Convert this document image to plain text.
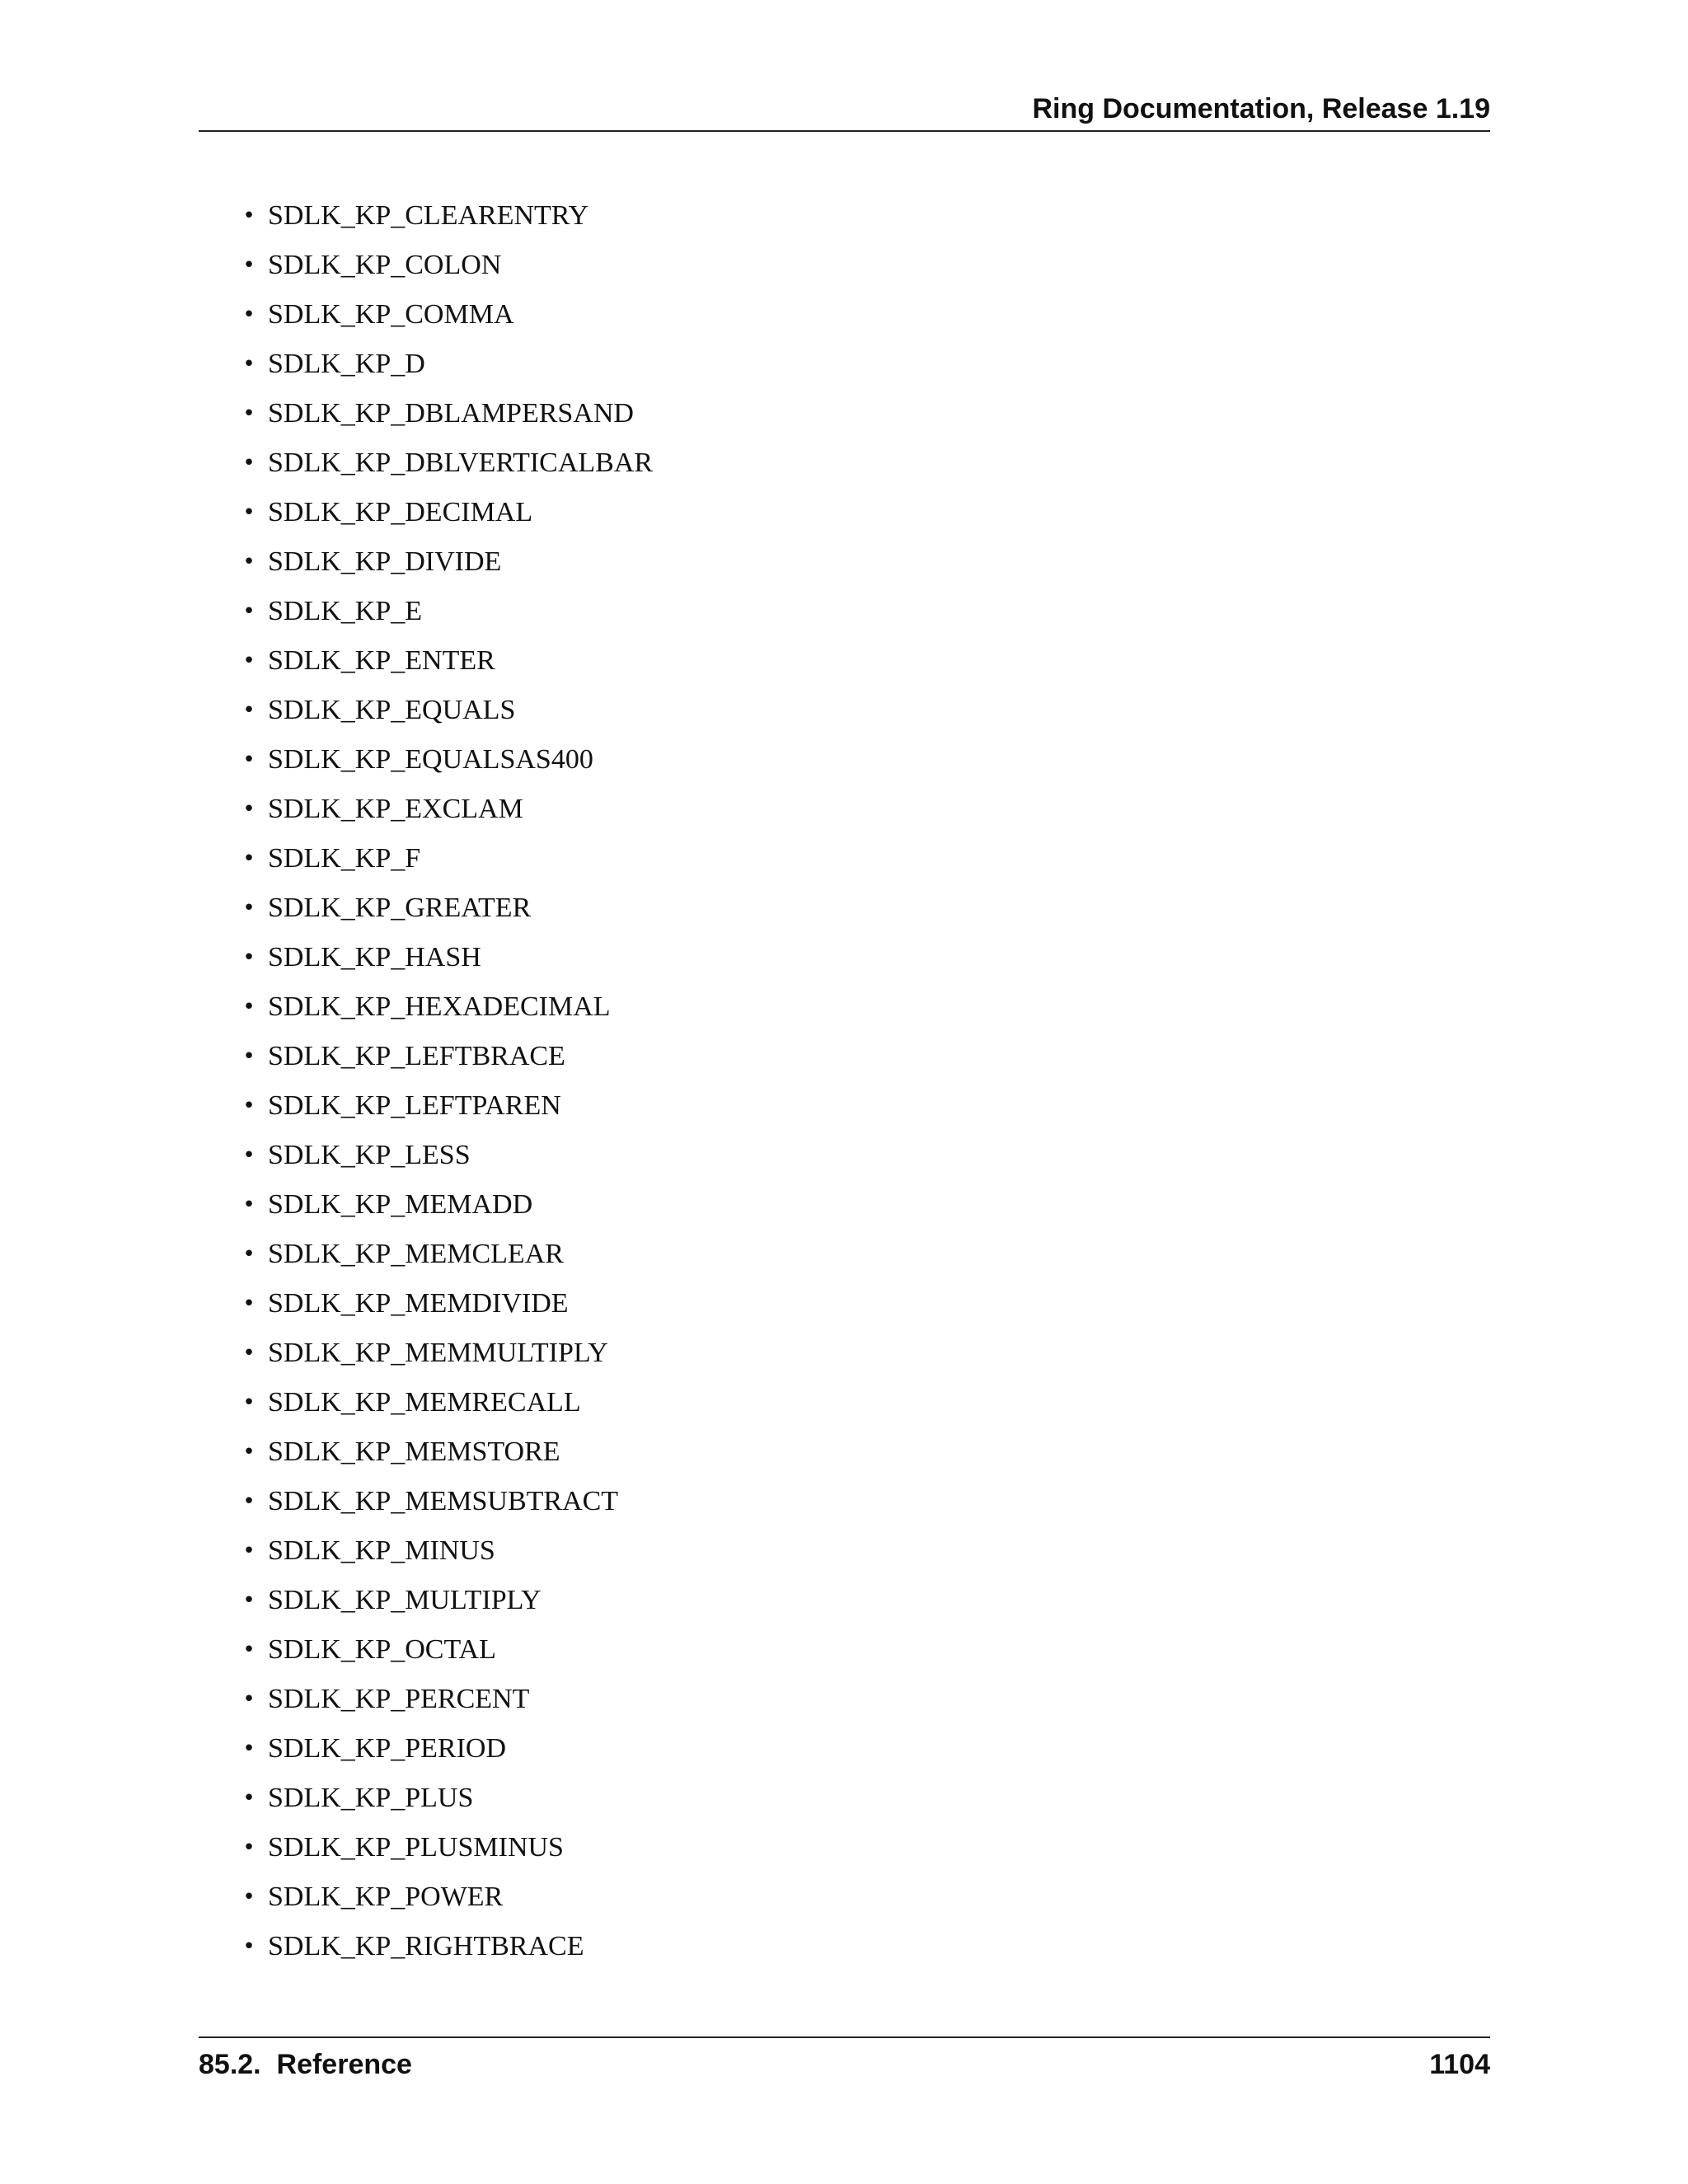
Ring Documentation, Release 1.19
• SDLK_KP_CLEARENTRY
• SDLK_KP_COLON
• SDLK_KP_COMMA
• SDLK_KP_D
• SDLK_KP_DBLAMPERSAND
• SDLK_KP_DBLVERTICALBAR
• SDLK_KP_DECIMAL
• SDLK_KP_DIVIDE
• SDLK_KP_E
• SDLK_KP_ENTER
• SDLK_KP_EQUALS
• SDLK_KP_EQUALSAS400
• SDLK_KP_EXCLAM
• SDLK_KP_F
• SDLK_KP_GREATER
• SDLK_KP_HASH
• SDLK_KP_HEXADECIMAL
• SDLK_KP_LEFTBRACE
• SDLK_KP_LEFTPAREN
• SDLK_KP_LESS
• SDLK_KP_MEMADD
• SDLK_KP_MEMCLEAR
• SDLK_KP_MEMDIVIDE
• SDLK_KP_MEMMULTIPLY
• SDLK_KP_MEMRECALL
• SDLK_KP_MEMSTORE
• SDLK_KP_MEMSUBTRACT
• SDLK_KP_MINUS
• SDLK_KP_MULTIPLY
• SDLK_KP_OCTAL
• SDLK_KP_PERCENT
• SDLK_KP_PERIOD
• SDLK_KP_PLUS
• SDLK_KP_PLUSMINUS
• SDLK_KP_POWER
• SDLK_KP_RIGHTBRACE
85.2.  Reference	1104
